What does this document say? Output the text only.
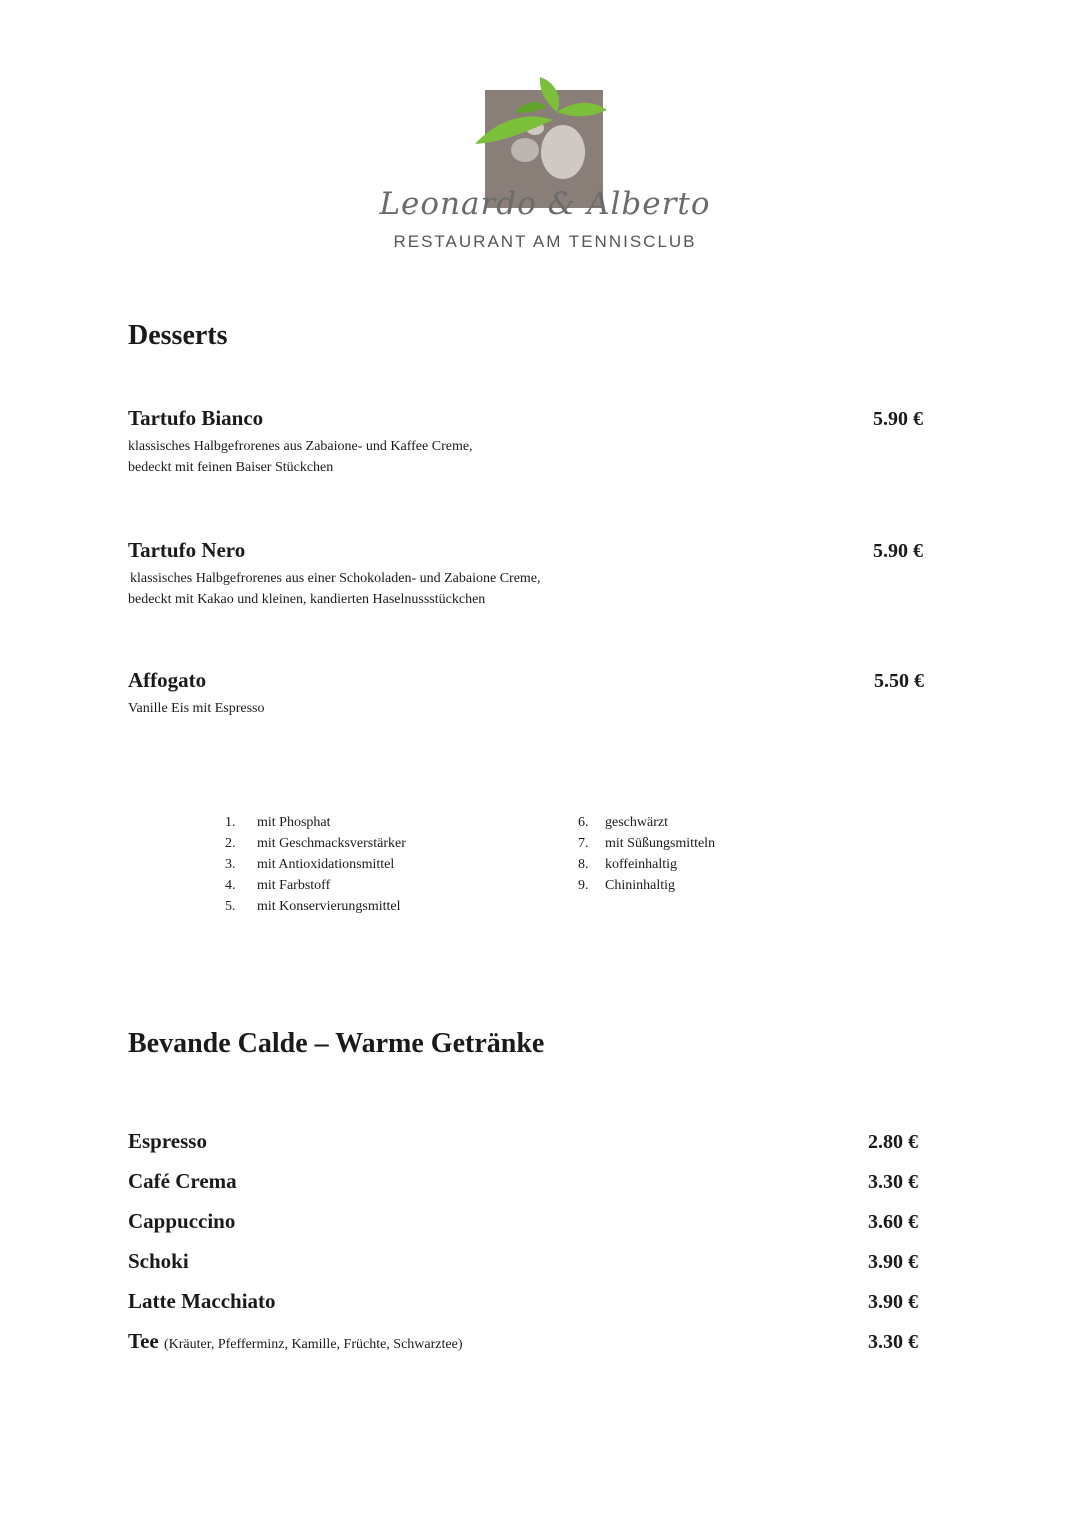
Leonardo & Alberto
RESTAURANT AM TENNISCLUB
Desserts
Tartufo Bianco	5.90 €
klassisches Halbgefrorenes aus Zabaione- und Kaffee Creme,
bedeckt mit feinen Baiser Stückchen
Tartufo Nero	5.90 €
klassisches Halbgefrorenes aus einer Schokoladen- und Zabaione Creme,
bedeckt mit Kakao und kleinen, kandierten Haselnussstückchen
Affogato	5.50 €
Vanille Eis mit Espresso
1. mit Phosphat
2. mit Geschmacksverstärker
3. mit Antioxidationsmittel
4. mit Farbstoff
5. mit Konservierungsmittel
6. geschwärzt
7. mit Süßungsmitteln
8. koffeinhaltig
9. Chininhaltig
Bevande Calde – Warme Getränke
Espresso	2.80 €
Café Crema	3.30 €
Cappuccino	3.60 €
Schoki	3.90 €
Latte Macchiato	3.90 €
Tee (Kräuter, Pfefferminz, Kamille, Früchte, Schwarztee)	3.30 €
